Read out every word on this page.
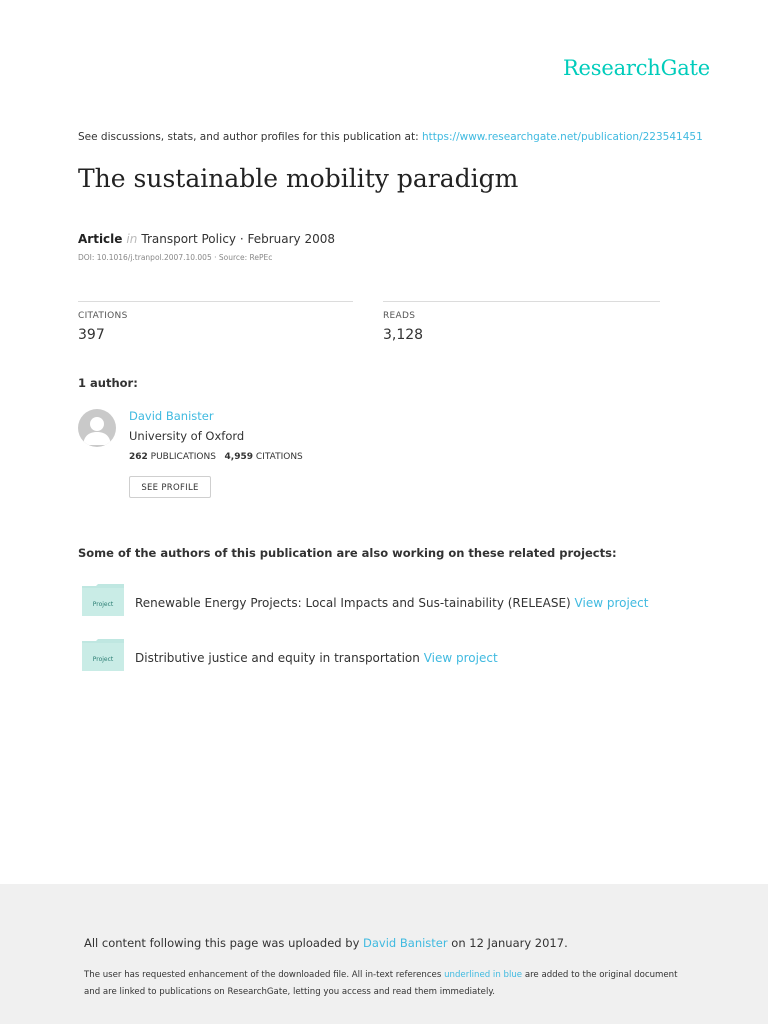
ResearchGate
See discussions, stats, and author profiles for this publication at: https://www.researchgate.net/publication/223541451
The sustainable mobility paradigm
Article in Transport Policy · February 2008
DOI: 10.1016/j.tranpol.2007.10.005 · Source: RePEc
CITATIONS
397
READS
3,128
1 author:
David Banister
University of Oxford
262 PUBLICATIONS 4,959 CITATIONS
SEE PROFILE
Some of the authors of this publication are also working on these related projects:
Project Renewable Energy Projects: Local Impacts and Sus-tainability (RELEASE) View project
Project Distributive justice and equity in transportation View project
All content following this page was uploaded by David Banister on 12 January 2017.
The user has requested enhancement of the downloaded file. All in-text references underlined in blue are added to the original document
and are linked to publications on ResearchGate, letting you access and read them immediately.
